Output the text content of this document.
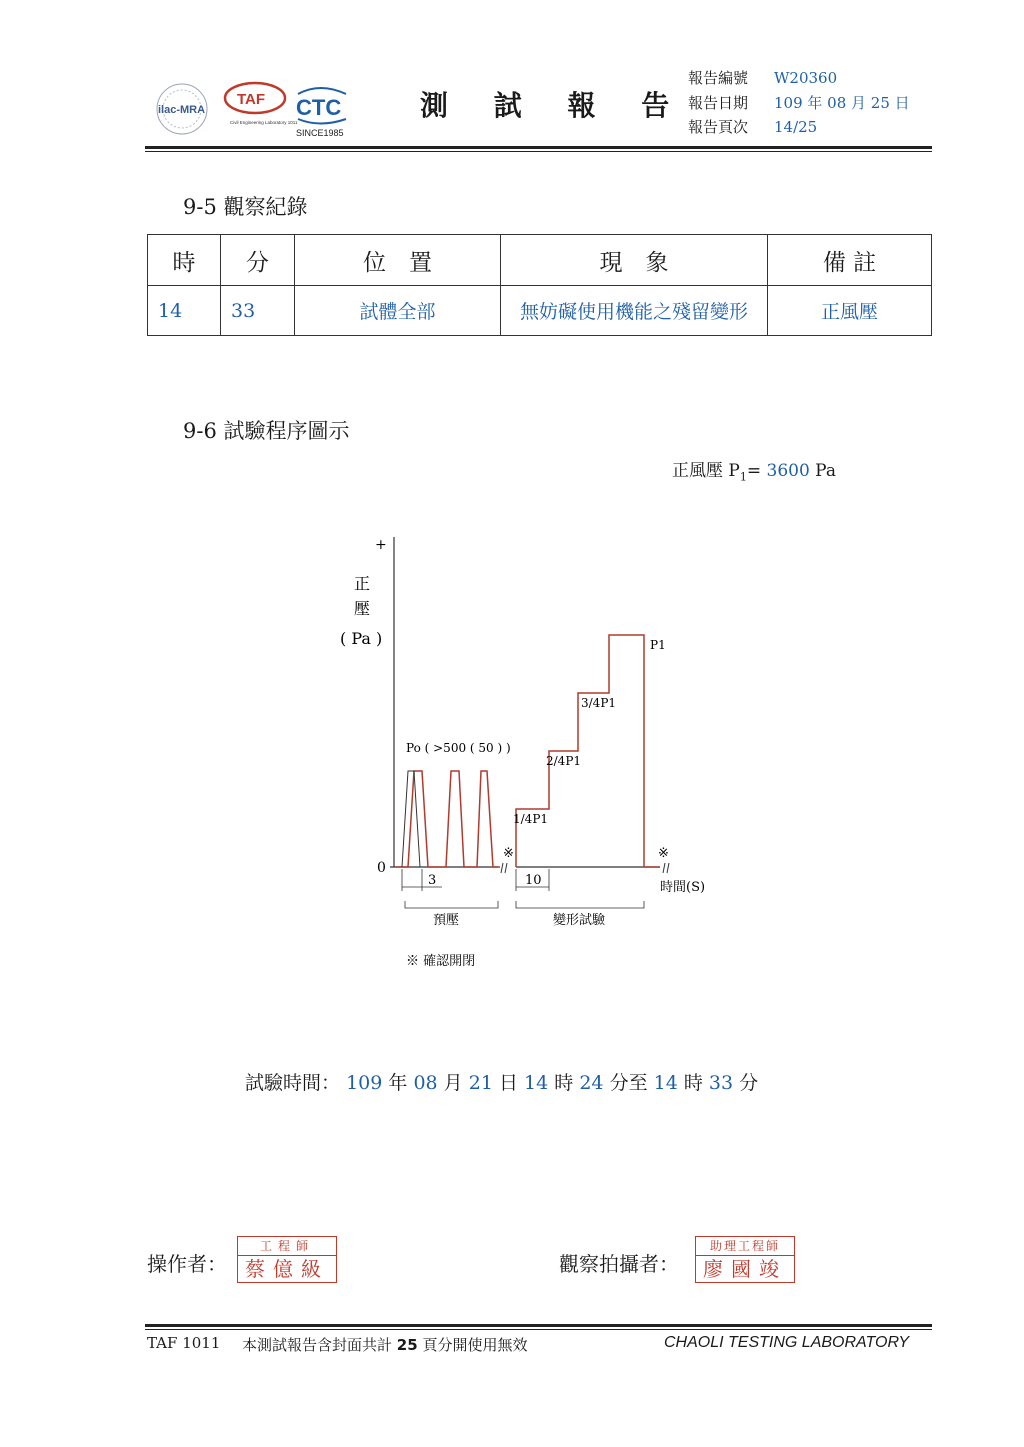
ilac-MRA
TAF
Civil Engineering Laboratory 1011
CTC
SINCE1985
測 試 報 告
報告編號 W20360
報告日期 109 年 08 月 25 日
報告頁次 14/25
9-5 觀察紀錄
時	分	位　置	現　象	備 註
14	33	試體全部	無妨礙使用機能之殘留變形	正風壓
9-6 試驗程序圖示
正風壓 $P_1= 3600$ Pa
+
正
壓
( Pa )
0
Po ( >500 ( 50 ) )
1/4P1
2/4P1
3/4P1
P1
※	※
時間(S)
3	10
預壓	變形試驗
※ 確認開閉
試驗時間： 109 年 08 月 21 日 14 時 24 分至 14 時 33 分
操作者：
工程師
蔡億級	觀察拍攝者：
助理工程師
廖國竣
TAF 1011 本測試報告含封面共計 25 頁分開使用無效	CHAOLI TESTING LABORATORY
